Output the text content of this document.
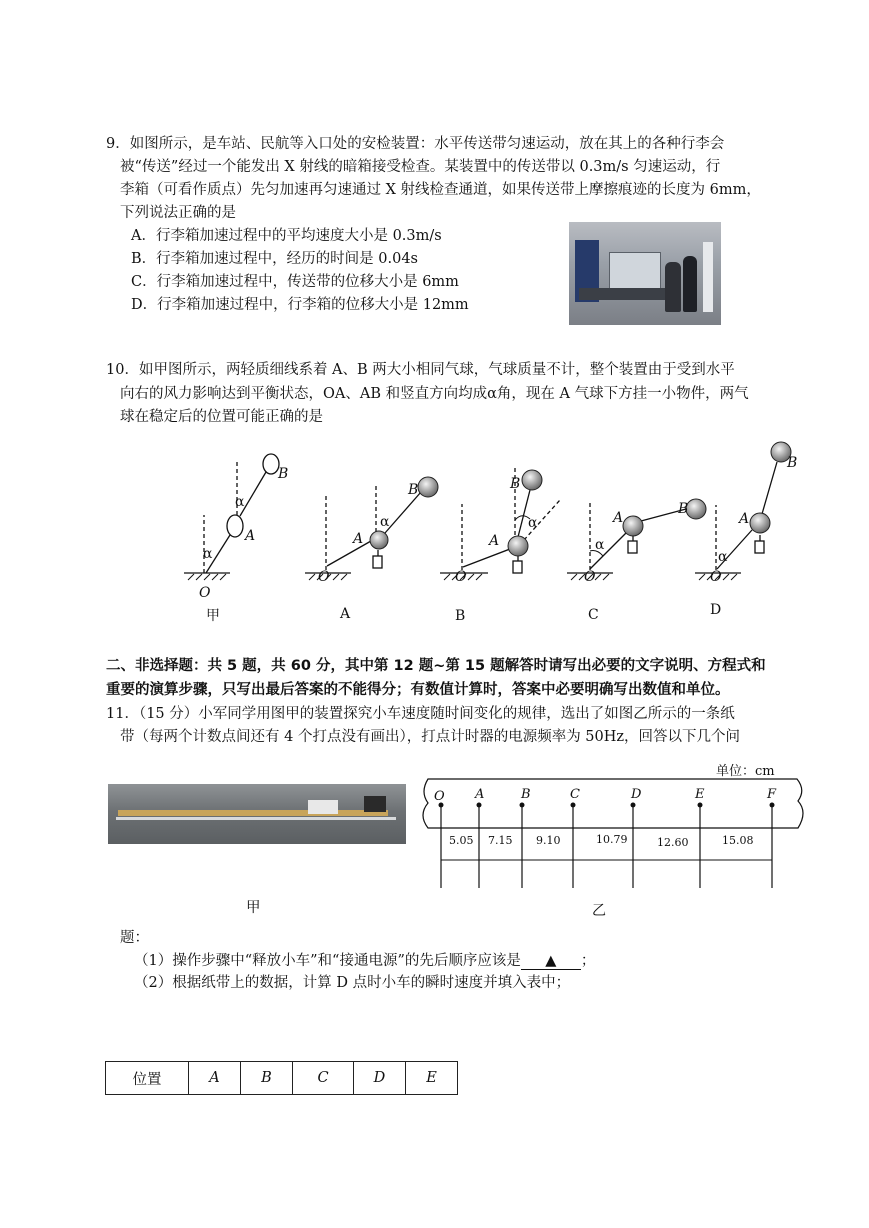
9．如图所示，是车站、民航等入口处的安检装置：水平传送带匀速运动，放在其上的各种行李会
被“传送”经过一个能发出 X 射线的暗箱接受检查。某装置中的传送带以 0.3m/s 匀速运动，行
李箱（可看作质点）先匀加速再匀速通过 X 射线检查通道，如果传送带上摩擦痕迹的长度为 6mm，
下列说法正确的是
A．行李箱加速过程中的平均速度大小是 0.3m/s
B．行李箱加速过程中，经历的时间是 0.04s
C．行李箱加速过程中，传送带的位移大小是 6mm
D．行李箱加速过程中，行李箱的位移大小是 12mm
10．如甲图所示，两轻质细线系着 A、B 两大小相同气球，气球质量不计，整个装置由于受到水平
向右的风力影响达到平衡状态，OA、AB 和竖直方向均成α角，现在 A 气球下方挂一小物件，两气
球在稳定后的位置可能正确的是
B
α
A
α
O
B
α
A
O
B
α
A
O
A
B
α
O
B
A
α
O
甲	A	B	C	D
二、非选择题：共 5 题，共 60 分，其中第 12 题~第 15 题解答时请写出必要的文字说明、方程式和
重要的演算步骤，只写出最后答案的不能得分；有数值计算时，答案中必要明确写出数值和单位。
11．（15 分）小军同学用图甲的装置探究小车速度随时间变化的规律，选出了如图乙所示的一条纸
带（每两个计数点间还有 4 个打点没有画出），打点计时器的电源频率为 50Hz，回答以下几个问
甲
O A	B	C	D	E	F
5.05 7.15 9.10	10.79	12.60	15.08
单位：cm
乙
题：
（1）操作步骤中“释放小车”和“接通电源”的先后顺序应该是 ▲ ；
（2）根据纸带上的数据，计算 D 点时小车的瞬时速度并填入表中；
位置	A	B	C	D	E
